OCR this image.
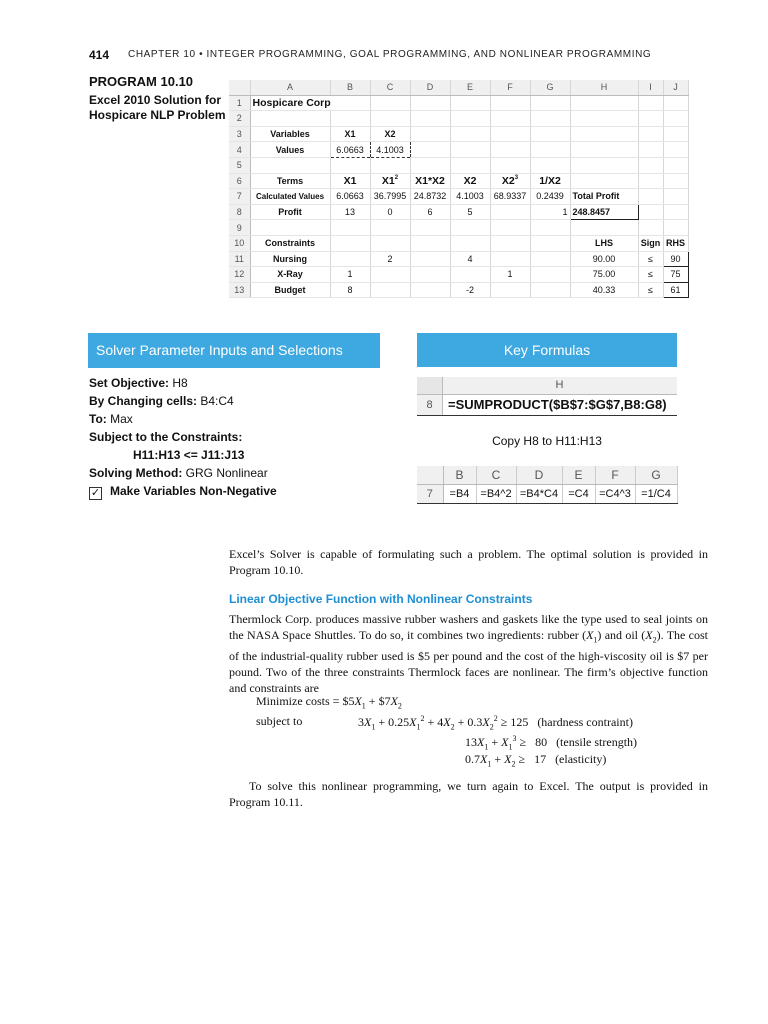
414 CHAPTER 10 • INTEGER PROGRAMMING, GOAL PROGRAMMING, AND NONLINEAR PROGRAMMING
PROGRAM 10.10
Excel 2010 Solution for Hospicare NLP Problem
	A	B	C	D	E	F	G	H	I	J
1	Hospicare Corp									
2										
3	Variables	X1	X2							
4	Values	6.0663	4.1003							
5										
6	Terms	X1	$X1^2$	X1*X2	X2	$X2^3$	1/X2			
7	Calculated Values	6.0663	36.7995	24.8732	4.1003	68.9337	0.2439	Total Profit		
8	Profit	13	0	6	5		1	248.8457		
9										
10	Constraints							LHS	Sign	RHS
11	Nursing		2		4			90.00	≤	90
12	X-Ray	1				1		75.00	≤	75
13	Budget	8			-2			40.33	≤	61
Solver Parameter Inputs and Selections	Key Formulas
Set Objective: H8
By Changing cells: B4:C4
To: Max
Subject to the Constraints:
H11:H13 <= J11:J13
Solving Method: GRG Nonlinear
✓ Make Variables Non-Negative
H
8	=SUMPRODUCT($B$7:$G$7,B8:G8)
Copy H8 to H11:H13
	B	C	D	E	F	G
7	=B4	=B4^2	=B4*C4	=C4	=C4^3	=1/C4
Excel’s Solver is capable of formulating such a problem. The optimal solution is provided in Program 10.10.
Linear Objective Function with Nonlinear Constraints
Thermlock Corp. produces massive rubber washers and gaskets like the type used to seal joints on the NASA Space Shuttles. To do so, it combines two ingredients: rubber $(X_1)$ and oil $(X_2)$. The cost of the industrial-quality rubber used is $5 per pound and the cost of the high-viscosity oil is $7 per pound. Two of the three constraints Thermlock faces are nonlinear. The firm’s objective function and constraints are
Minimize costs = $\$5X_1$ + $\$7X_2$
subject to	$3X_1 + 0.25X_1^2 + 4X_2 + 0.3X_2^2 \ge 125$ (hardness contraint)
$13X_1 + X_1^3 \ge 80$ (tensile strength)
$0.7X_1 + X_2 \ge 17$ (elasticity)
To solve this nonlinear programming, we turn again to Excel. The output is provided in Program 10.11.
